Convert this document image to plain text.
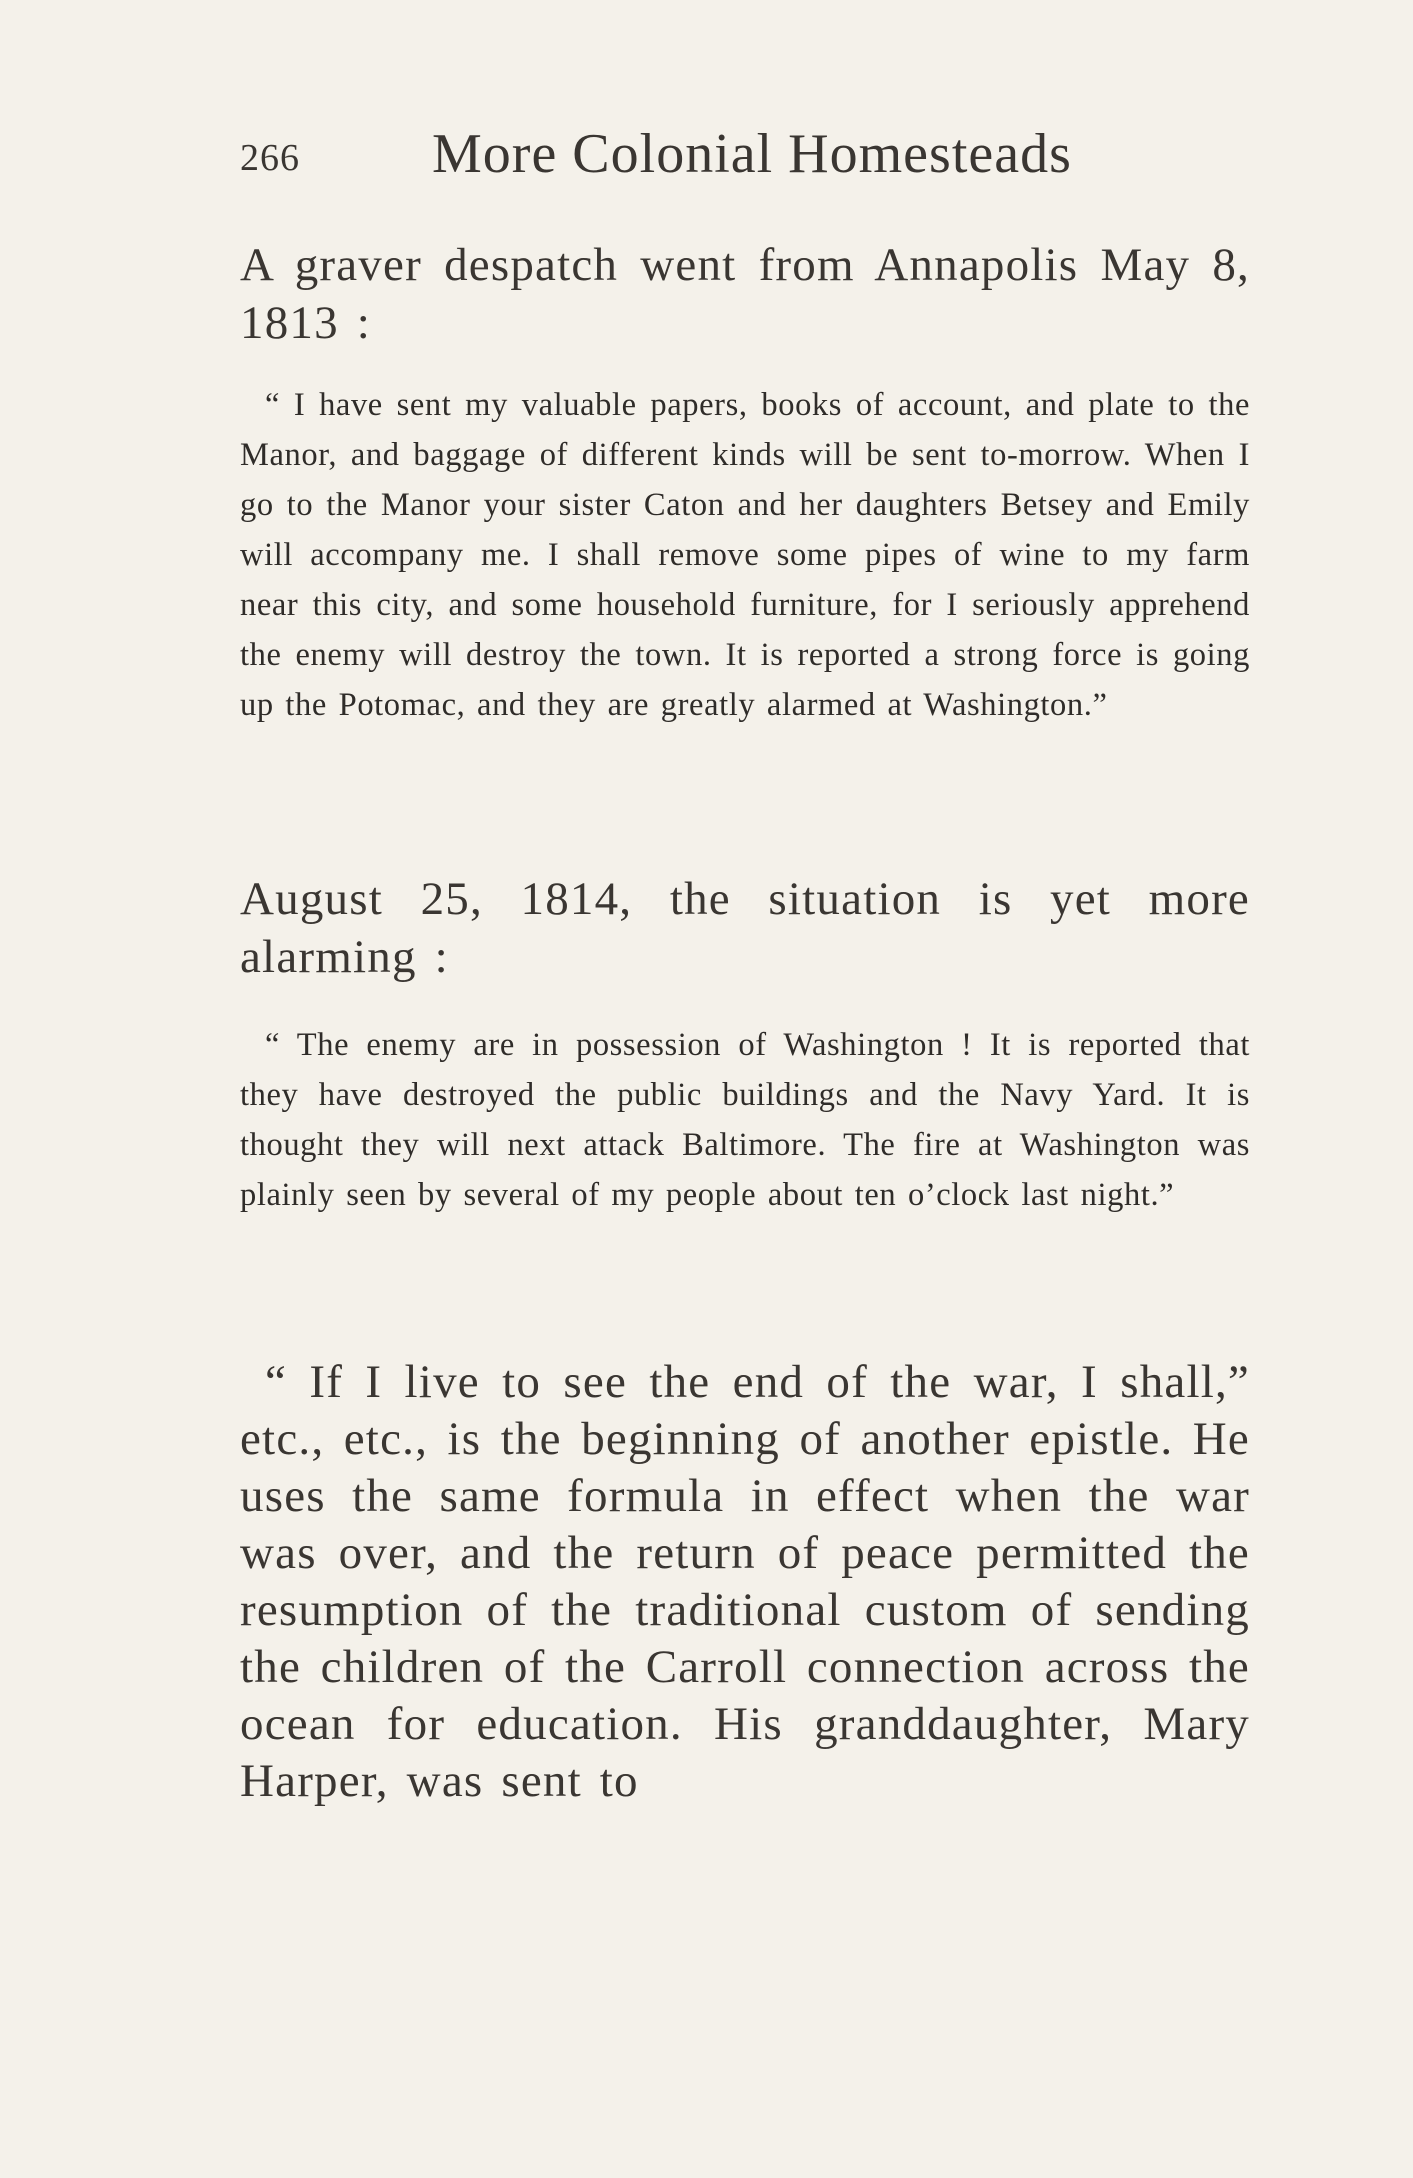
266 More Colonial Homesteads

A graver despatch went from Annapolis May 8, 1813 :

“ I have sent my valuable papers, books of account, and plate to the Manor, and baggage of different kinds will be sent to-morrow. When I go to the Manor your sister Caton and her daughters Betsey and Emily will accompany me. I shall remove some pipes of wine to my farm near this city, and some household furniture, for I seriously apprehend the enemy will destroy the town. It is reported a strong force is going up the Potomac, and they are greatly alarmed at Washington.”

August 25, 1814, the situation is yet more alarming :

“ The enemy are in possession of Washington ! It is reported that they have destroyed the public buildings and the Navy Yard. It is thought they will next attack Baltimore. The fire at Washington was plainly seen by several of my people about ten o’clock last night.”

“ If I live to see the end of the war, I shall,” etc., etc., is the beginning of another epistle. He uses the same formula in effect when the war was over, and the return of peace permitted the resumption of the traditional custom of sending the children of the Carroll connection across the ocean for education. His granddaughter, Mary Harper, was sent to
